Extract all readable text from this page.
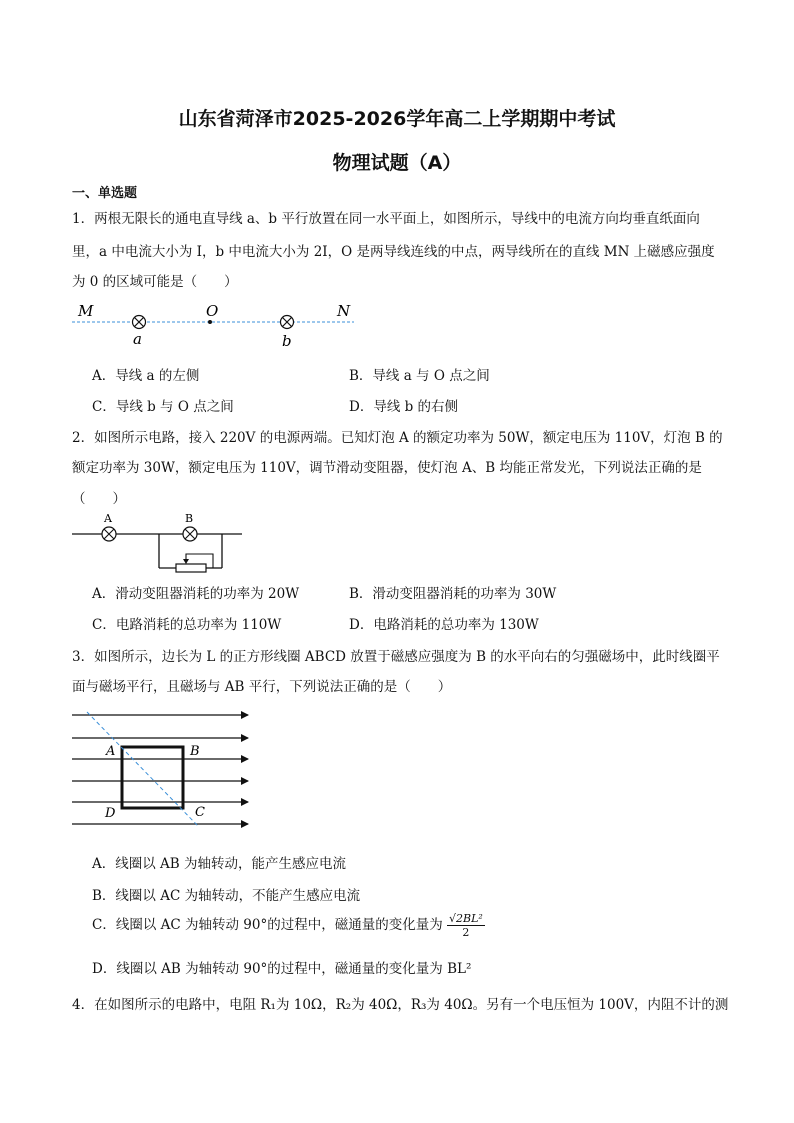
山东省菏泽市2025-2026学年高二上学期期中考试
物理试题（A）
一、单选题
1．两根无限长的通电直导线 a、b 平行放置在同一水平面上，如图所示，导线中的电流方向均垂直纸面向
里，a 中电流大小为 I，b 中电流大小为 2I，O 是两导线连线的中点，两导线所在的直线 MN 上磁感应强度
为 0 的区域可能是（　　）
M	O	N
a	b
A．导线 a 的左侧	B．导线 a 与 O 点之间
C．导线 b 与 O 点之间	D．导线 b 的右侧
2．如图所示电路，接入 220V 的电源两端。已知灯泡 A 的额定功率为 50W，额定电压为 110V，灯泡 B 的
额定功率为 30W，额定电压为 110V，调节滑动变阻器，使灯泡 A、B 均能正常发光，下列说法正确的是
（　　）
A	B
A．滑动变阻器消耗的功率为 20W	B．滑动变阻器消耗的功率为 30W
C．电路消耗的总功率为 110W	D．电路消耗的总功率为 130W
3．如图所示，边长为 L 的正方形线圈 ABCD 放置于磁感应强度为 B 的水平向右的匀强磁场中，此时线圈平
面与磁场平行，且磁场与 AB 平行，下列说法正确的是（　　）
A	B
C
D
A．线圈以 AB 为轴转动，能产生感应电流
B．线圈以 AC 为轴转动，不能产生感应电流
C．线圈以 AC 为轴转动 90°的过程中，磁通量的变化量为 $\frac{\text{√2BL²}}{2}$
D．线圈以 AB 为轴转动 90°的过程中，磁通量的变化量为 BL²
4．在如图所示的电路中，电阻 R₁为 10Ω，R₂为 40Ω，R₃为 40Ω。另有一个电压恒为 100V，内阻不计的测
